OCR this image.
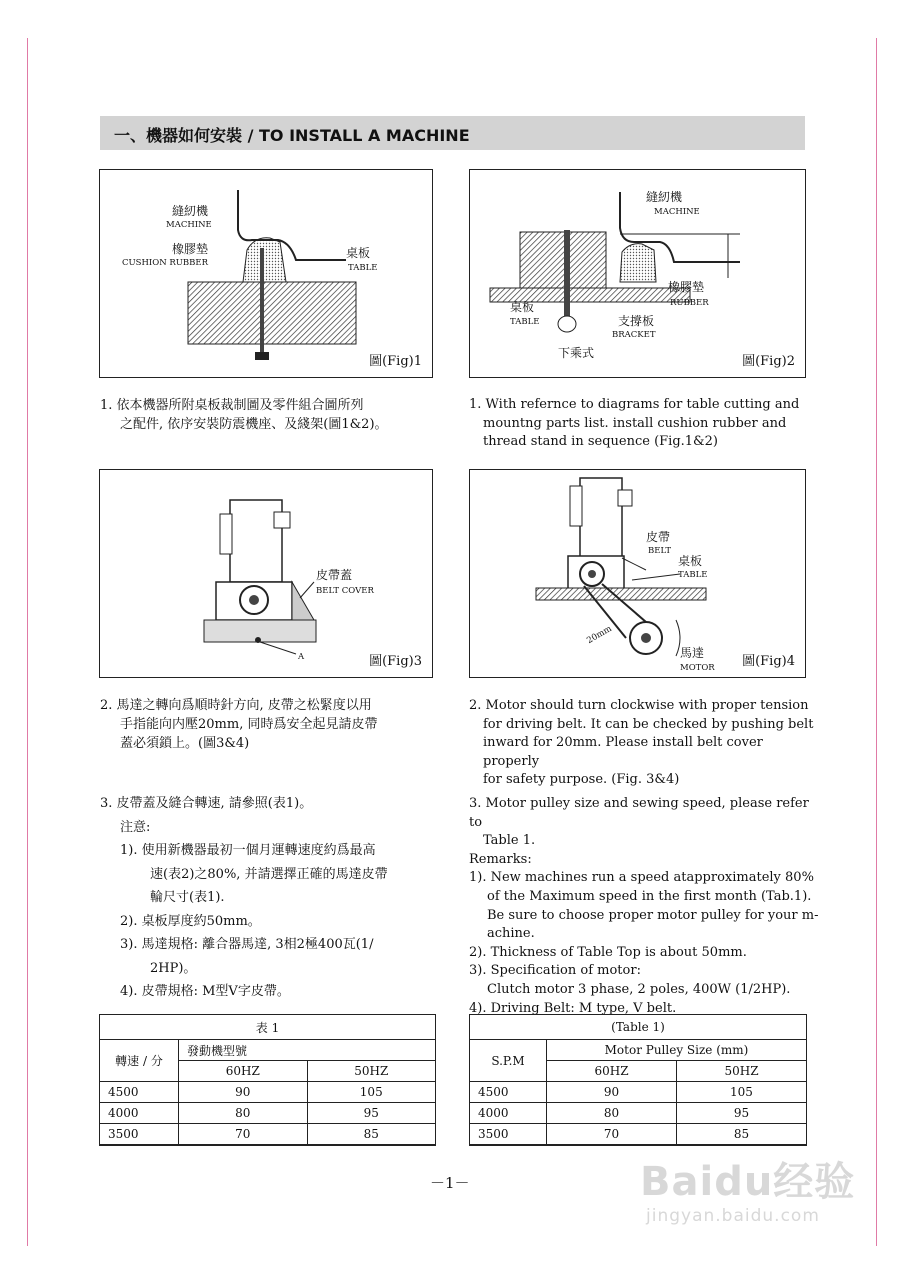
一、機器如何安裝 / TO INSTALL A MACHINE
縫紉機
MACHINE
橡膠墊
CUSHION RUBBER
桌板
TABLE
圖(Fig)1
縫紉機
MACHINE
橡膠墊
RUBBER
桌板
TABLE	支撐板
BRACKET
下乘式
圖(Fig)2

1. 依本機器所附桌板裁制圖及零件組合圖所列

之配件, 依序安裝防震機座、及綫架(圖1&2)。

1. With refernce to diagrams for table cutting and

mountng parts list. install cushion rubber and

thread stand in sequence (Fig.1&2)

皮帶蓋
BELT COVER
A	圖(Fig)3
皮帶
BELT
桌板
TABLE
20mm
馬達
MOTOR 圖(Fig)4

2. 馬達之轉向爲順時針方向, 皮帶之松緊度以用

手指能向内壓20mm, 同時爲安全起見請皮帶

蓋必須鎖上。(圖3&4)

2. Motor should turn clockwise with proper tension

for driving belt. It can be checked by pushing belt

inward for 20mm. Please install belt cover properly

for safety purpose. (Fig. 3&4)

3. 皮帶蓋及縫合轉速, 請參照(表1)。

注意:

1). 使用新機器最初一個月運轉速度約爲最高

速(表2)之80%, 并請選擇正確的馬達皮帶

輪尺寸(表1).

2). 桌板厚度約50mm。

3). 馬達規格: 離合器馬達, 3相2極400瓦(1/

2HP)。

4). 皮帶規格: M型V字皮帶。

3. Motor pulley size and sewing speed, please refer to

Table 1.

Remarks:

1). New machines run a speed atapproximately 80%

of the Maximum speed in the first month (Tab.1).

Be sure to choose proper motor pulley for your m-

achine.

2). Thickness of Table Top is about 50mm.

3). Specification of motor:

Clutch motor 3 phase, 2 poles, 400W (1/2HP).

4). Driving Belt: M type, V belt.

表 1		
轉速 / 分	發動機型號	
	60HZ	50HZ
4500	90	105
4000	80	95
3500	70	85
(Table 1)		
S.P.M	Motor Pulley Size (mm)	
	60HZ	50HZ
4500	90	105
4000	80	95
3500	70	85
－1－	Baidu经验
jingyan.baidu.com
